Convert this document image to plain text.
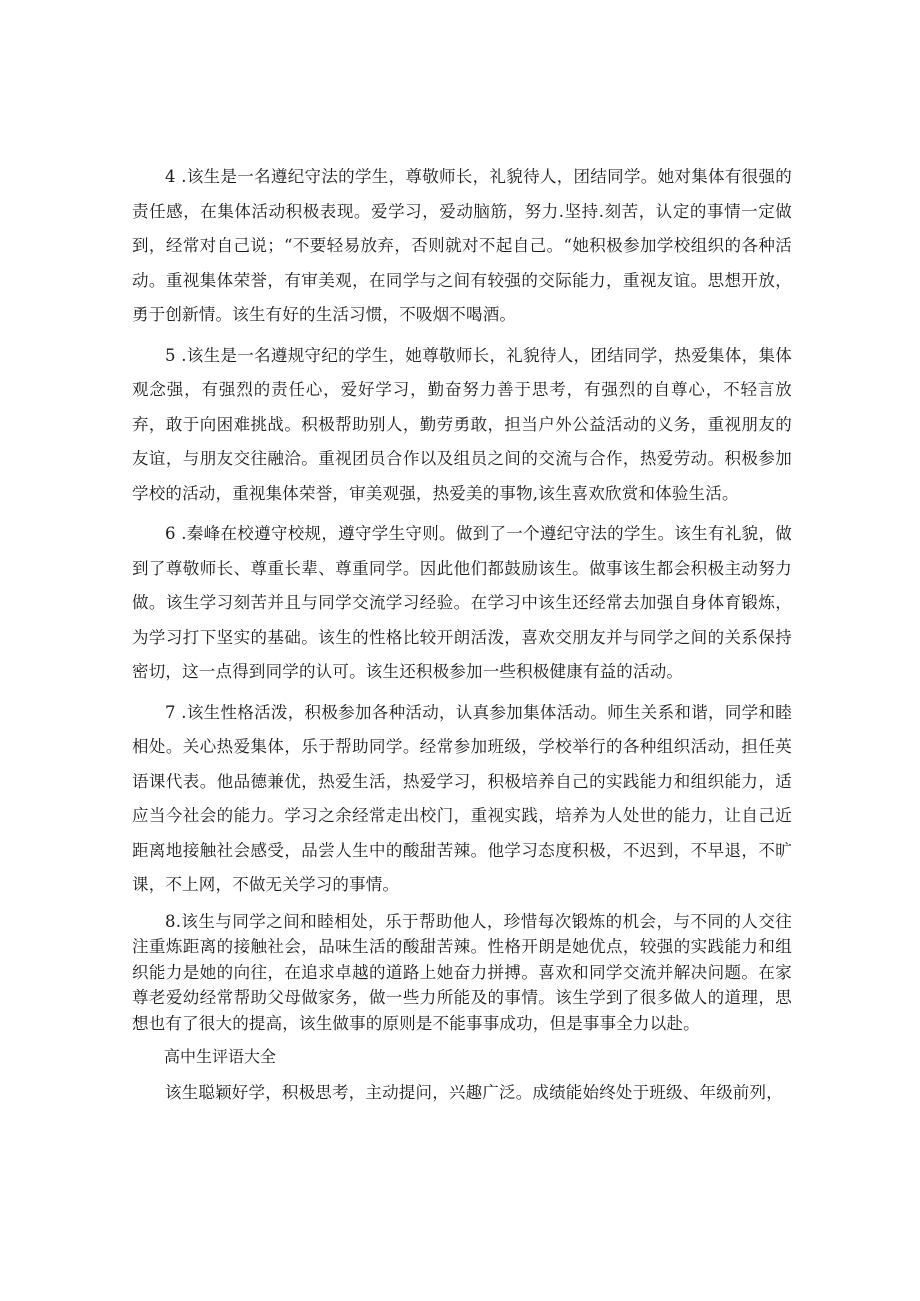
4 .该生是一名遵纪守法的学生，尊敬师长，礼貌待人，团结同学。她对集体有很强的责任感，在集体活动积极表现。爱学习，爱动脑筋，努力.坚持.刻苦，认定的事情一定做到，经常对自己说；“不要轻易放弃，否则就对不起自己。“她积极参加学校组织的各种活动。重视集体荣誉，有审美观，在同学与之间有较强的交际能力，重视友谊。思想开放，勇于创新情。该生有好的生活习惯，不吸烟不喝酒。

5 .该生是一名遵规守纪的学生，她尊敬师长，礼貌待人，团结同学，热爱集体，集体观念强，有强烈的责任心，爱好学习，勤奋努力善于思考，有强烈的自尊心，不轻言放弃，敢于向困难挑战。积极帮助别人，勤劳勇敢，担当户外公益活动的义务，重视朋友的友谊，与朋友交往融洽。重视团员合作以及组员之间的交流与合作，热爱劳动。积极参加学校的活动，重视集体荣誉，审美观强，热爱美的事物,该生喜欢欣赏和体验生活。

6 .秦峰在校遵守校规，遵守学生守则。做到了一个遵纪守法的学生。该生有礼貌，做到了尊敬师长、尊重长辈、尊重同学。因此他们都鼓励该生。做事该生都会积极主动努力做。该生学习刻苦并且与同学交流学习经验。在学习中该生还经常去加强自身体育锻炼，为学习打下坚实的基础。该生的性格比较开朗活泼，喜欢交朋友并与同学之间的关系保持密切，这一点得到同学的认可。该生还积极参加一些积极健康有益的活动。

7 .该生性格活泼，积极参加各种活动，认真参加集体活动。师生关系和谐，同学和睦相处。关心热爱集体，乐于帮助同学。经常参加班级，学校举行的各种组织活动，担任英语课代表。他品德兼优，热爱生活，热爱学习，积极培养自己的实践能力和组织能力，适应当今社会的能力。学习之余经常走出校门，重视实践，培养为人处世的能力，让自己近距离地接触社会感受，品尝人生中的酸甜苦辣。他学习态度积极，不迟到，不早退，不旷课，不上网，不做无关学习的事情。

8.该生与同学之间和睦相处，乐于帮助他人，珍惜每次锻炼的机会，与不同的人交往注重炼距离的接触社会，品味生活的酸甜苦辣。性格开朗是她优点，较强的实践能力和组织能力是她的向往，在追求卓越的道路上她奋力拼搏。喜欢和同学交流并解决问题。在家尊老爱幼经常帮助父母做家务，做一些力所能及的事情。该生学到了很多做人的道理，思想也有了很大的提高，该生做事的原则是不能事事成功，但是事事全力以赴。

高中生评语大全

该生聪颖好学，积极思考，主动提问，兴趣广泛。成绩能始终处于班级、年级前列，
